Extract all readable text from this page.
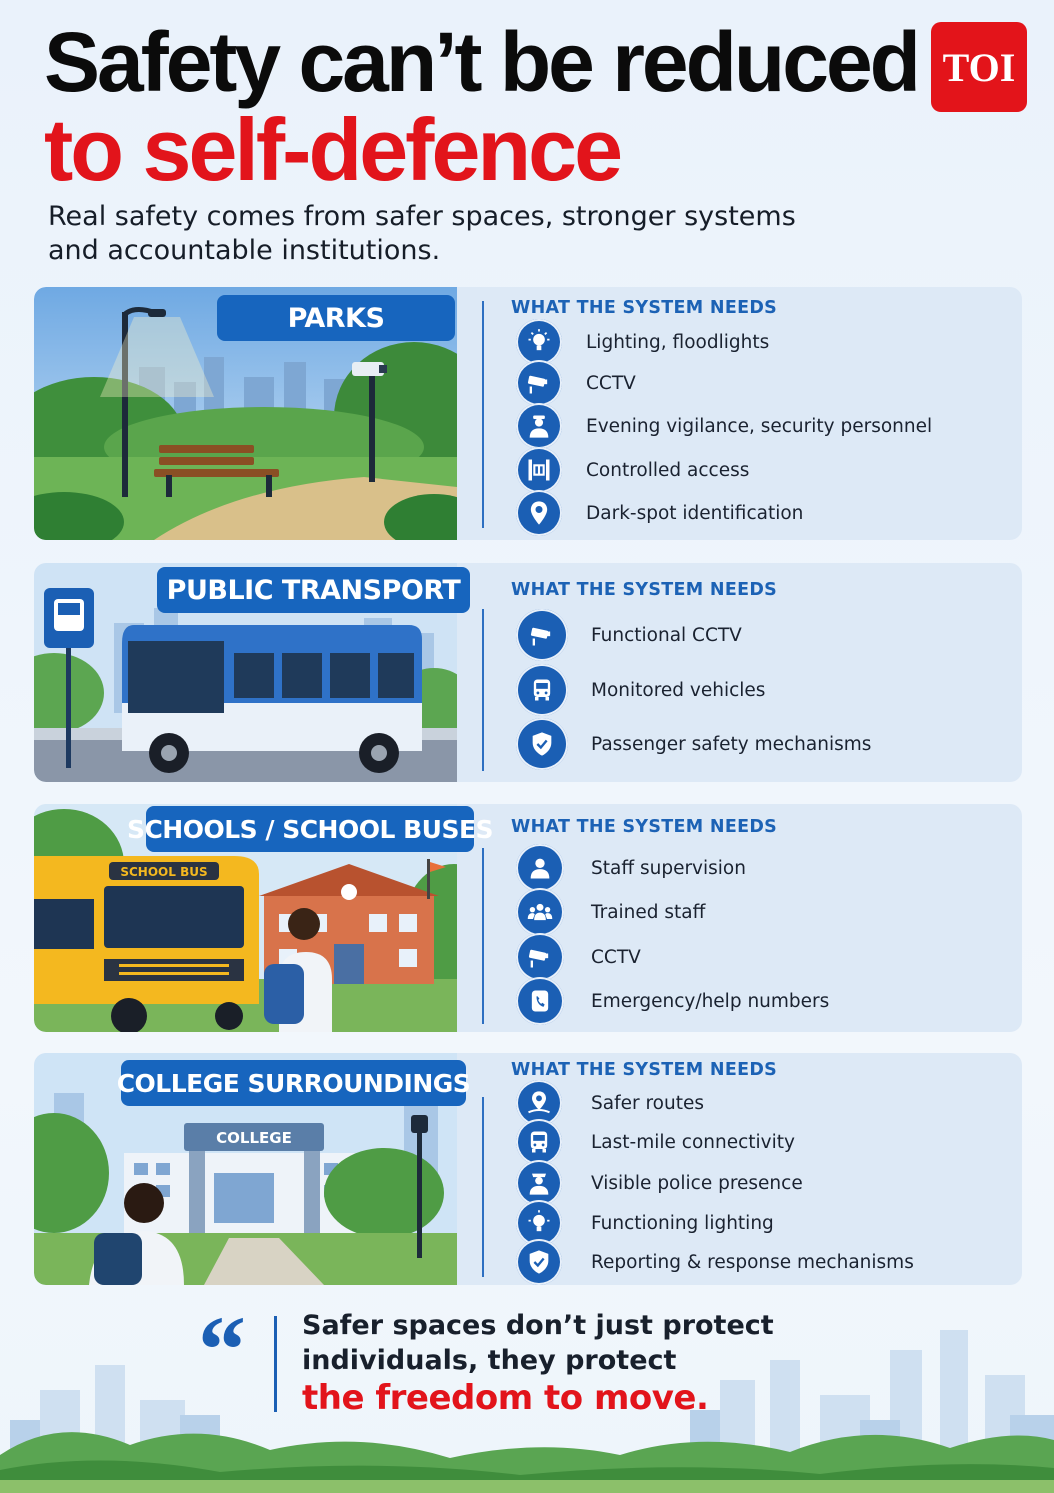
Safety can’t be reduced
to self-defence
TOI
Real safety comes from safer spaces, stronger systems and accountable institutions.
PARKS	WHAT THE SYSTEM NEEDS
Lighting, floodlights
CCTV
Evening vigilance, security personnel
Controlled access
Dark-spot identification
PUBLIC TRANSPORT	WHAT THE SYSTEM NEEDS
Functional CCTV
Monitored vehicles
Passenger safety mechanisms
SCHOOL BUS
SCHOOLS / SCHOOL BUSES WHAT THE SYSTEM NEEDS
Staff supervision
Trained staff
CCTV
Emergency/help numbers
COLLEGE
COLLEGE SURROUNDINGS WHAT THE SYSTEM NEEDS
Safer routes
Last-mile connectivity
Visible police presence
Functioning lighting
Reporting & response mechanisms
“ Safer spaces don’t just protect
individuals, they protect
the freedom to move.
